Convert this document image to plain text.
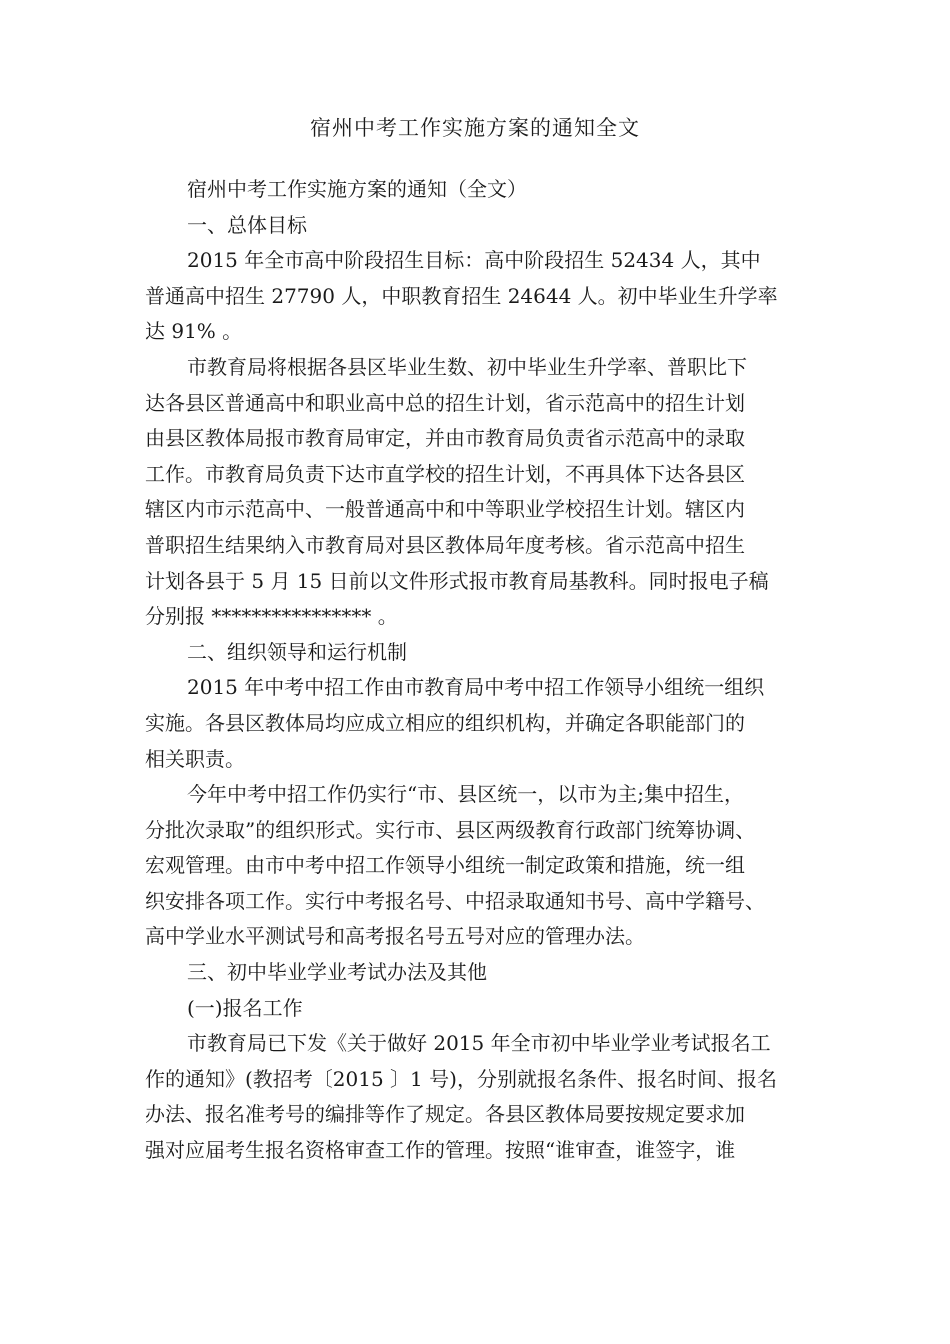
宿州中考工作实施方案的通知全文
宿州中考工作实施方案的通知（全文）
一、总体目标
2015 年全市高中阶段招生目标：高中阶段招生 52434 人，其中
普通高中招生 27790 人，中职教育招生 24644 人。初中毕业生升学率
达 91% 。
市教育局将根据各县区毕业生数、初中毕业生升学率、普职比下
达各县区普通高中和职业高中总的招生计划，省示范高中的招生计划
由县区教体局报市教育局审定，并由市教育局负责省示范高中的录取
工作。市教育局负责下达市直学校的招生计划，不再具体下达各县区
辖区内市示范高中、一般普通高中和中等职业学校招生计划。辖区内
普职招生结果纳入市教育局对县区教体局年度考核。省示范高中招生
计划各县于 5 月 15 日前以文件形式报市教育局基教科。同时报电子稿
分别报 **************** 。
二、组织领导和运行机制
2015 年中考中招工作由市教育局中考中招工作领导小组统一组织
实施。各县区教体局均应成立相应的组织机构，并确定各职能部门的
相关职责。
今年中考中招工作仍实行“市、县区统一，以市为主;集中招生，
分批次录取”的组织形式。实行市、县区两级教育行政部门统筹协调、
宏观管理。由市中考中招工作领导小组统一制定政策和措施，统一组
织安排各项工作。实行中考报名号、中招录取通知书号、高中学籍号、
高中学业水平测试号和高考报名号五号对应的管理办法。
三、初中毕业学业考试办法及其他
(一)报名工作
市教育局已下发《关于做好 2015 年全市初中毕业学业考试报名工
作的通知》(教招考〔2015 〕1 号)，分别就报名条件、报名时间、报名
办法、报名准考号的编排等作了规定。各县区教体局要按规定要求加
强对应届考生报名资格审查工作的管理。按照“谁审查，谁签字，谁
